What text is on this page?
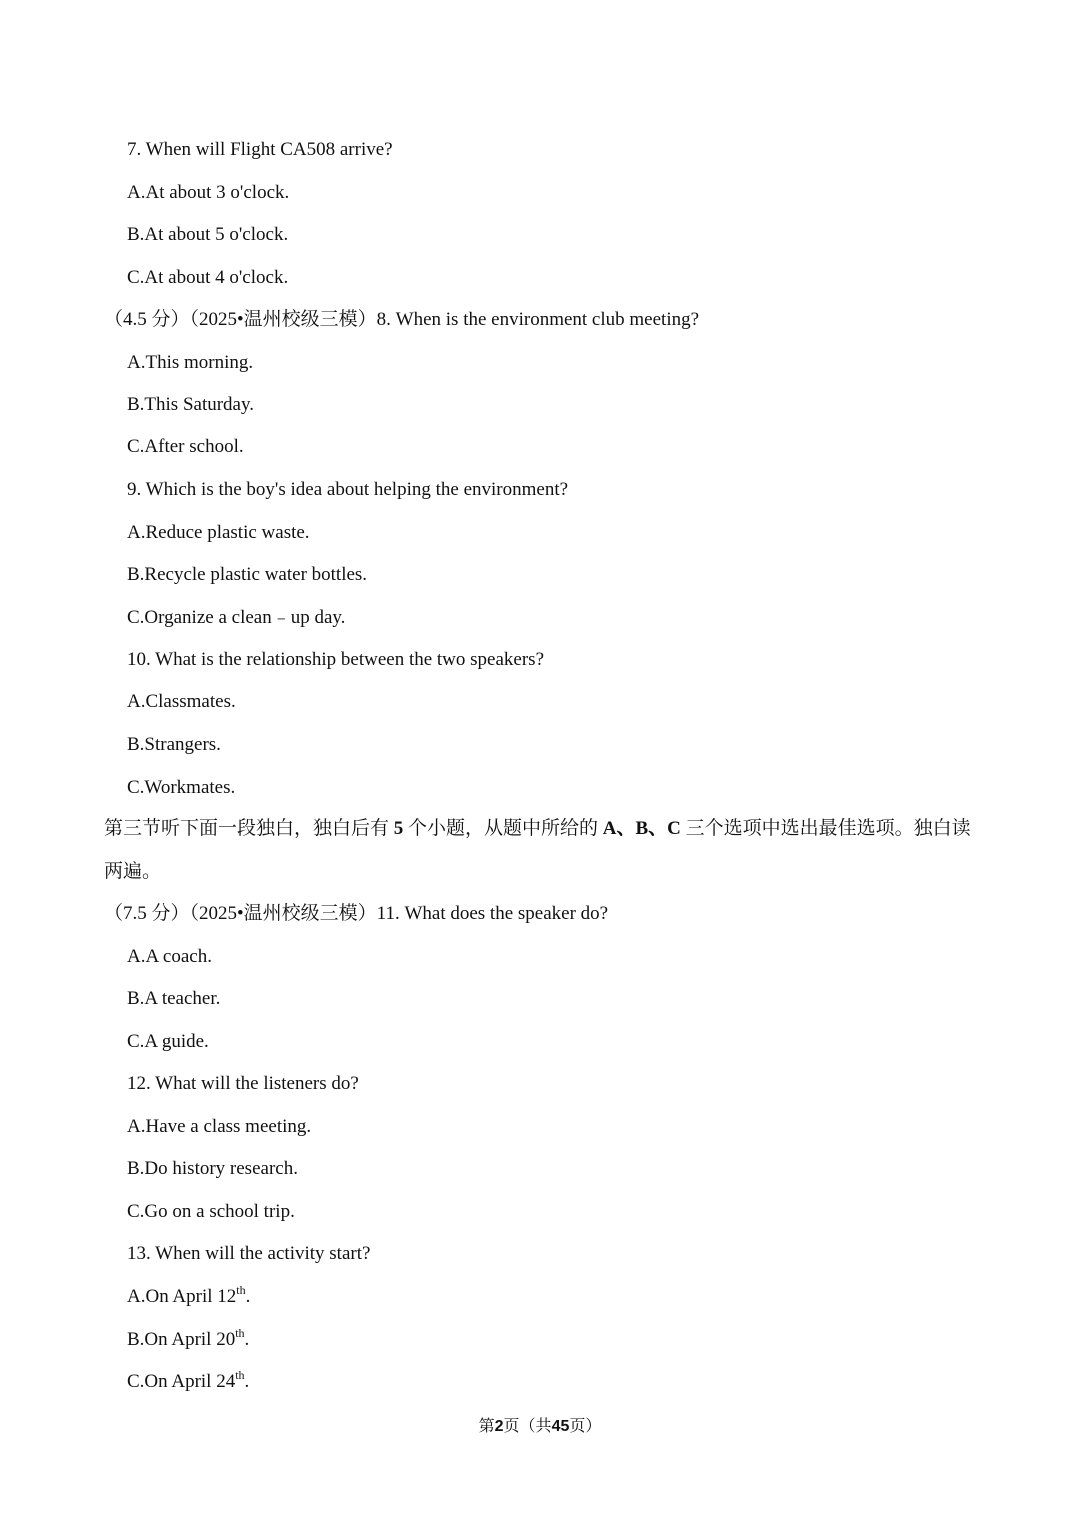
7. When will Flight CA508 arrive?
A.At about 3 o'clock.
B.At about 5 o'clock.
C.At about 4 o'clock.
（4.5 分）（2025•温州校级三模）8. When is the environment club meeting?
A.This morning.
B.This Saturday.
C.After school.
9. Which is the boy's idea about helping the environment?
A.Reduce plastic waste.
B.Recycle plastic water bottles.
C.Organize a clean﹣up day.
10. What is the relationship between the two speakers?
A.Classmates.
B.Strangers.
C.Workmates.
第三节听下面一段独白，独白后有 5 个小题，从题中所给的 A、B、C 三个选项中选出最佳选项。独白读
两遍。
（7.5 分）（2025•温州校级三模）11. What does the speaker do?
A.A coach.
B.A teacher.
C.A guide.
12. What will the listeners do?
A.Have a class meeting.
B.Do history research.
C.Go on a school trip.
13. When will the activity start?
A.On April 12th.
B.On April 20th.
C.On April 24th.
第2页（共45页）
